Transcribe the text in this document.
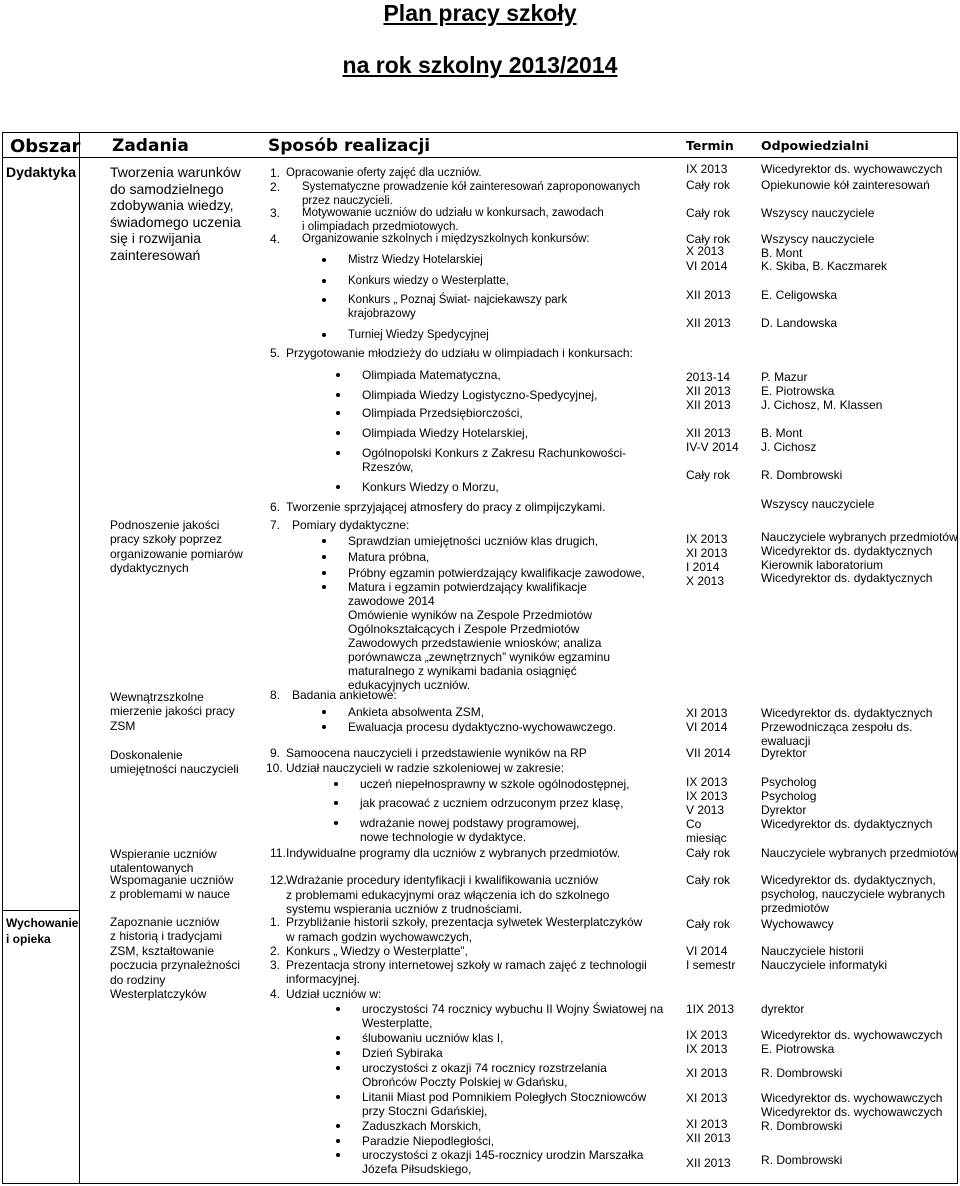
Plan pracy szkoły
na rok szkolny 2013/2014
Obszar Zadania	Sposób realizacji	Termin Odpowiedzialni
Dydaktyka
Wychowanie
i opieka
Tworzenia warunków
do samodzielnego
zdobywania wiedzy,
świadomego uczenia
się i rozwijania
zainteresowań
Podnoszenie jakości
pracy szkoły poprzez
organizowanie pomiarów
dydaktycznych
Wewnątrzszkolne
mierzenie jakości pracy
ZSM
Doskonalenie
umiejętności nauczycieli
Wspieranie uczniów
utalentowanych
Wspomaganie uczniów
z problemami w nauce
Zapoznanie uczniów
z historią i tradycjami
ZSM, kształtowanie
poczucia przynależności
do rodziny
Westerplatczyków
1.
2.
3.
4.
5.
6.
7.
8.
9.
10.
11.
12.
1.
2.
3.
4.
Opracowanie oferty zajęć dla uczniów.
Systematyczne prowadzenie kół zainteresowań zaproponowanych
przez nauczycieli.
Motywowanie uczniów do udziału w konkursach, zawodach
i olimpiadach przedmiotowych.
Organizowanie szkolnych i międzyszkolnych konkursów:
Mistrz Wiedzy Hotelarskiej
Konkurs wiedzy o Westerplatte,
Konkurs „ Poznaj Świat- najciekawszy park
krajobrazowy
Turniej Wiedzy Spedycyjnej
Przygotowanie młodzieży do udziału w olimpiadach i konkursach:
Olimpiada Matematyczna,
Olimpiada Wiedzy Logistyczno-Spedycyjnej,
Olimpiada Przedsiębiorczości,
Olimpiada Wiedzy Hotelarskiej,
Ogólnopolski Konkurs z Zakresu Rachunkowości-
Rzeszów,
Konkurs Wiedzy o Morzu,
Tworzenie sprzyjającej atmosfery do pracy z olimpijczykami.
Pomiary dydaktyczne:
Sprawdzian umiejętności uczniów klas drugich,
Matura próbna,
Próbny egzamin potwierdzający kwalifikacje zawodowe,
Matura i egzamin potwierdzający kwalifikacje
zawodowe 2014
Omówienie wyników na Zespole Przedmiotów
Ogólnokształcących i Zespole Przedmiotów
Zawodowych przedstawienie wniosków; analiza
porównawcza „zewnętrznych” wyników egzaminu
maturalnego z wynikami badania osiągnięć
edukacyjnych uczniów.
Badania ankietowe:
Ankieta absolwenta ZSM,
Ewaluacja procesu dydaktyczno-wychowawczego.
Samoocena nauczycieli i przedstawienie wyników na RP
Udział nauczycieli w radzie szkoleniowej w zakresie:
uczeń niepełnosprawny w szkole ogólnodostępnej,
jak pracować z uczniem odrzuconym przez klasę,
wdrażanie nowej podstawy programowej,
nowe technologie w dydaktyce.
Indywidualne programy dla uczniów z wybranych przedmiotów.
Wdrażanie procedury identyfikacji i kwalifikowania uczniów
z problemami edukacyjnymi oraz włączenia ich do szkolnego
systemu wspierania uczniów z trudnościami.
Przybliżanie historii szkoły, prezentacja sylwetek Westerplatczyków
w ramach godzin wychowawczych,
Konkurs „ Wiedzy o Westerplatte”,
Prezentacja strony internetowej szkoły w ramach zajęć z technologii
informacyjnej.
Udział uczniów w:
uroczystości 74 rocznicy wybuchu II Wojny Światowej na
Westerplatte,
ślubowaniu uczniów klas I,
Dzień Sybiraka
uroczystości z okazji 74 rocznicy rozstrzelania
Obrońców Poczty Polskiej w Gdańsku,
Litanii Miast pod Pomnikiem Poległych Stoczniowców
przy Stoczni Gdańskiej,
Zaduszkach Morskich,
Paradzie Niepodległości,
uroczystości z okazji 145-rocznicy urodzin Marszałka
Józefa Piłsudskiego,
IX 2013
Cały rok
Cały rok
Cały rok
X 2013
VI 2014
XII 2013
XII 2013
2013-14
XII 2013
XII 2013
XII 2013
IV-V 2014
Cały rok
IX 2013
XI 2013
I 2014
X 2013
XI 2013
VI 2014
VII 2014
IX 2013
IX 2013
V 2013
Co
miesiąc
Cały rok
Cały rok
Cały rok
VI 2014
I semestr
1IX 2013
IX 2013
IX 2013
XI 2013
XI 2013
XI 2013
XII 2013
XII 2013
Wicedyrektor ds. wychowawczych
Opiekunowie kół zainteresowań
Wszyscy nauczyciele
Wszyscy nauczyciele
B. Mont
K. Skiba, B. Kaczmarek
E. Celigowska
D. Landowska
P. Mazur
E. Piotrowska
J. Cichosz, M. Klassen
B. Mont
J. Cichosz
R. Dombrowski
Wszyscy nauczyciele
Nauczyciele wybranych przedmiotów
Wicedyrektor ds. dydaktycznych
Kierownik laboratorium
Wicedyrektor ds. dydaktycznych
Wicedyrektor ds. dydaktycznych
Przewodnicząca zespołu ds.
ewaluacji
Dyrektor
Psycholog
Psycholog
Dyrektor
Wicedyrektor ds. dydaktycznych
Nauczyciele wybranych przedmiotów
Wicedyrektor ds. dydaktycznych,
psycholog, nauczyciele wybranych
przedmiotów
Wychowawcy
Nauczyciele historii
Nauczyciele informatyki
dyrektor
Wicedyrektor ds. wychowawczych
E. Piotrowska
R. Dombrowski
Wicedyrektor ds. wychowawczych
Wicedyrektor ds. wychowawczych
R. Dombrowski
R. Dombrowski
